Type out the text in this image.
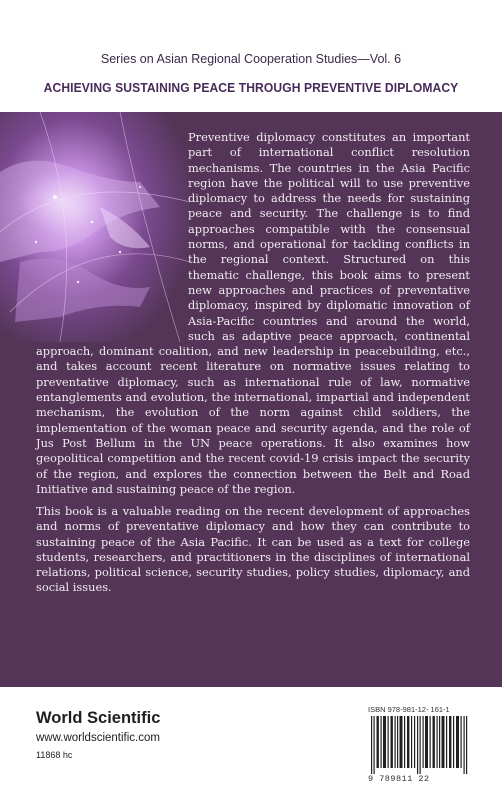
Series on Asian Regional Cooperation Studies—Vol. 6
ACHIEVING SUSTAINING PEACE THROUGH PREVENTIVE DIPLOMACY
Preventive diplomacy constitutes an important part of international conflict resolution mechanisms. The countries in the Asia Pacific region have the political will to use preventive diplomacy to address the needs for sustaining peace and security. The challenge is to find approaches compatible with the consensual norms, and operational for tackling conflicts in the regional context. Structured on this thematic challenge, this book aims to present new approaches and practices of preventative diplomacy, inspired by diplomatic innovation of Asia-Pacific countries and around the world, such as adaptive peace approach, continental approach, dominant coalition, and new leadership in peacebuilding, etc., and takes account recent literature on normative issues relating to preventative diplomacy, such as international rule of law, normative entanglements and evolution, the international, impartial and independent mechanism, the evolution of the norm against child soldiers, the implementation of the woman peace and security agenda, and the role of Jus Post Bellum in the UN peace operations. It also examines how geopolitical competition and the recent covid-19 crisis impact the security of the region, and explores the connection between the Belt and Road Initiative and sustaining peace of the region.
This book is a valuable reading on the recent development of approaches and norms of preventative diplomacy and how they can contribute to sustaining peace of the Asia Pacific. It can be used as a text for college students, researchers, and practitioners in the disciplines of international relations, political science, security studies, policy studies, diplomacy, and social issues.
World Scientific
www.worldscientific.com
11868 hc
ISBN 978-981-12- 161-1
9 789811 22
